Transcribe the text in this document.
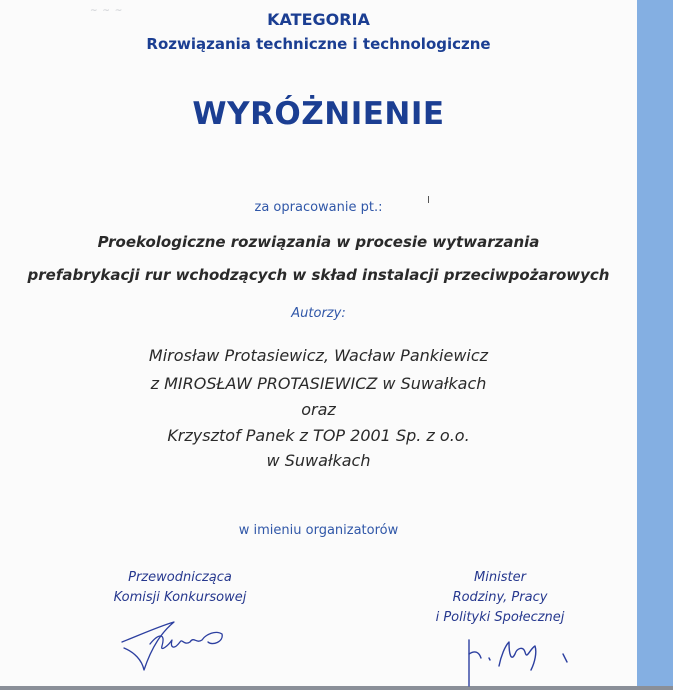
~ ~ ~	KATEGORIA

Rozwiązania techniczne i technologiczne

WYRÓŻNIENIE

za opracowanie pt.:

Proekologiczne rozwiązania w procesie wytwarzania

prefabrykacji rur wchodzących w skład instalacji przeciwpożarowych

Autorzy:

Mirosław Protasiewicz, Wacław Pankiewicz

z MIROSŁAW PROTASIEWICZ w Suwałkach

oraz

Krzysztof Panek z TOP 2001 Sp. z o.o.

w Suwałkach

w imieniu organizatorów

Przewodnicząca
Komisji Konkursowej
Minister
Rodziny, Pracy
i Polityki Społecznej
